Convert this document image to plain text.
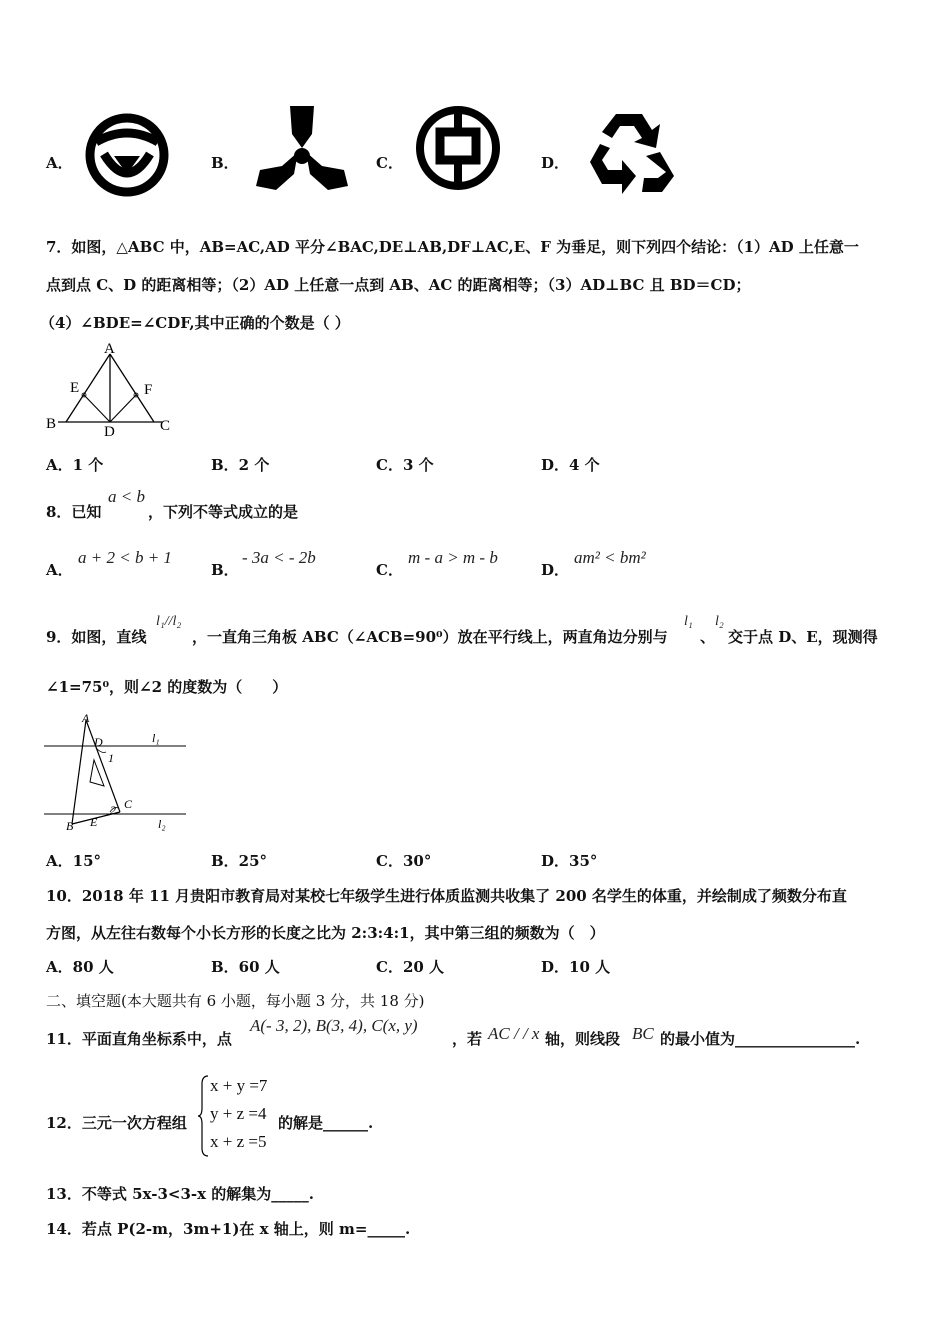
A．	B．	C．	D．
7．如图，△ABC 中，AB=AC,AD 平分∠BAC,DE⊥AB,DF⊥AC,E、F 为垂足，则下列四个结论：（1）AD 上任意一
点到点 C、D 的距离相等；（2）AD 上任意一点到 AB、AC 的距离相等；（3）AD⊥BC 且 BD＝CD；
（4）∠BDE=∠CDF,其中正确的个数是（ ）
A
E	F
B	D	C
A．1 个	B．2 个	C．3 个	D．4 个
8．已知
a < b
，下列不等式成立的是
A．
a + 2 < b + 1
B．
- 3a < - 2b
C．
m - a > m - b
D．
am² < bm²
9．如图，直线
l₁//l₂
，一直角三角板 ABC（∠ACB=90⁰）放在平行线上，两直角边分别与
l₁
、
l₂
交于点 D、E，现测得
∠1=75⁰，则∠2 的度数为（　　）
A
D
1
l₁
C
2
B E	l₂
A．15°	B．25°	C．30°	D．35°
10．2018 年 11 月贵阳市教育局对某校七年级学生进行体质监测共收集了 200 名学生的体重，并绘制成了频数分布直
方图，从左往右数每个小长方形的长度之比为 2:3:4:1，其中第三组的频数为（　）
A．80 人	B．60 人	C．20 人	D．10 人
二、填空题(本大题共有 6 小题，每小题 3 分，共 18 分)
11．平面直角坐标系中，点
A(- 3, 2), B(3, 4), C(x, y)
，若 AC / / x 轴，则线段 BC 的最小值为________________.
12．三元一次方程组
x + y =7
y + z =4
x + z =5
的解是______.
13．不等式 5x-3<3-x 的解集为_____.
14．若点 P(2-m，3m+1)在 x 轴上，则 m=_____.
